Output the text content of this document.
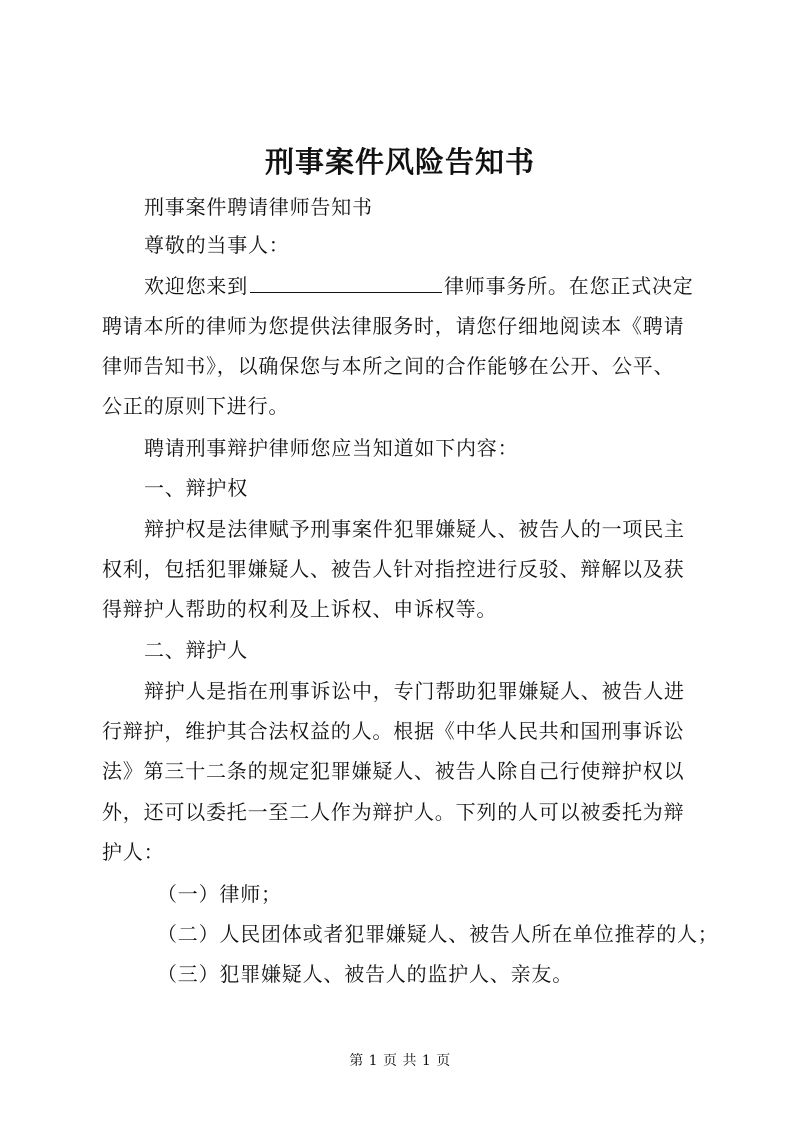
刑事案件风险告知书
刑事案件聘请律师告知书
尊敬的当事人：
欢迎您来到	律师事务所。在您正式决定
聘请本所的律师为您提供法律服务时，请您仔细地阅读本《聘请
律师告知书》，以确保您与本所之间的合作能够在公开、公平、
公正的原则下进行。
聘请刑事辩护律师您应当知道如下内容：
一、辩护权
辩护权是法律赋予刑事案件犯罪嫌疑人、被告人的一项民主
权利，包括犯罪嫌疑人、被告人针对指控进行反驳、辩解以及获
得辩护人帮助的权利及上诉权、申诉权等。
二、辩护人
辩护人是指在刑事诉讼中，专门帮助犯罪嫌疑人、被告人进
行辩护，维护其合法权益的人。根据《中华人民共和国刑事诉讼
法》第三十二条的规定犯罪嫌疑人、被告人除自己行使辩护权以
外，还可以委托一至二人作为辩护人。下列的人可以被委托为辩
护人：
（一）律师；
（二）人民团体或者犯罪嫌疑人、被告人所在单位推荐的人；
（三）犯罪嫌疑人、被告人的监护人、亲友。
第 1 页 共 1 页
